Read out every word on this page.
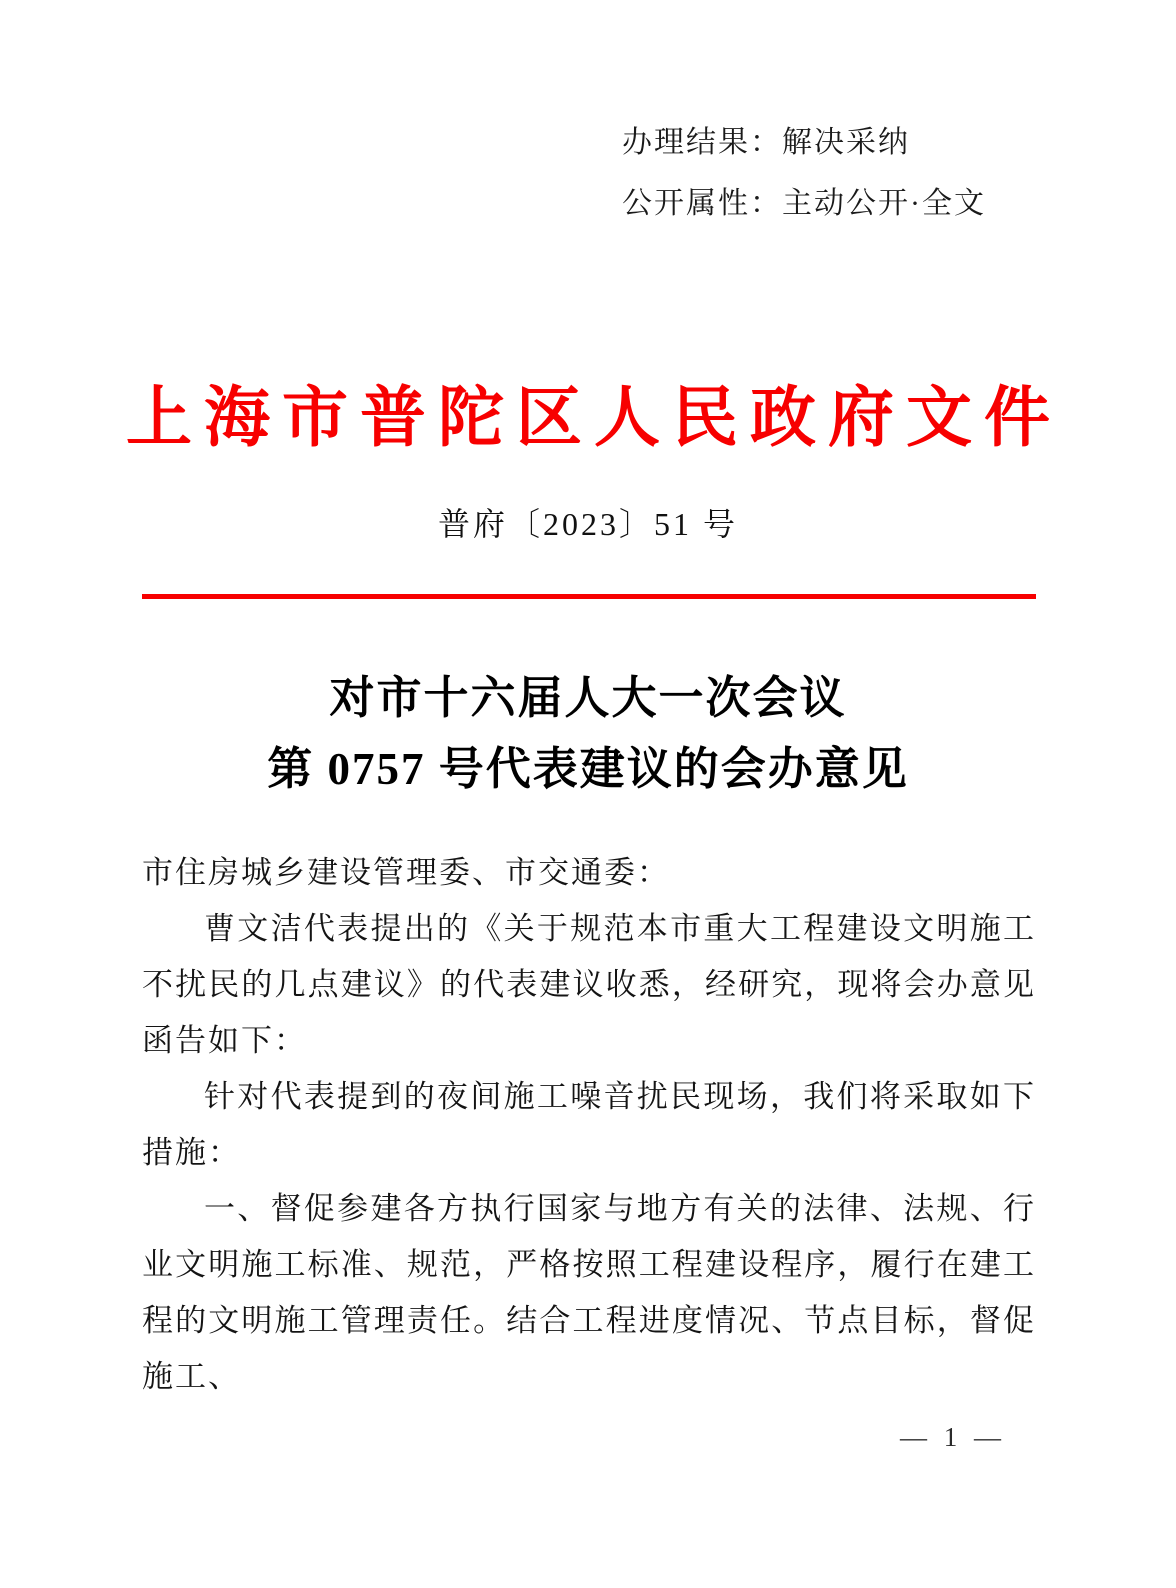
办理结果：解决采纳
公开属性：主动公开·全文
上海市普陀区人民政府文件
普府〔2023〕51 号
对市十六届人大一次会议
第 0757 号代表建议的会办意见

市住房城乡建设管理委、市交通委：

曹文洁代表提出的《关于规范本市重大工程建设文明施工不扰民的几点建议》的代表建议收悉，经研究，现将会办意见函告如下：

针对代表提到的夜间施工噪音扰民现场，我们将采取如下措施：

一、督促参建各方执行国家与地方有关的法律、法规、行业文明施工标准、规范，严格按照工程建设程序，履行在建工程的文明施工管理责任。结合工程进度情况、节点目标，督促施工、

— 1 —
